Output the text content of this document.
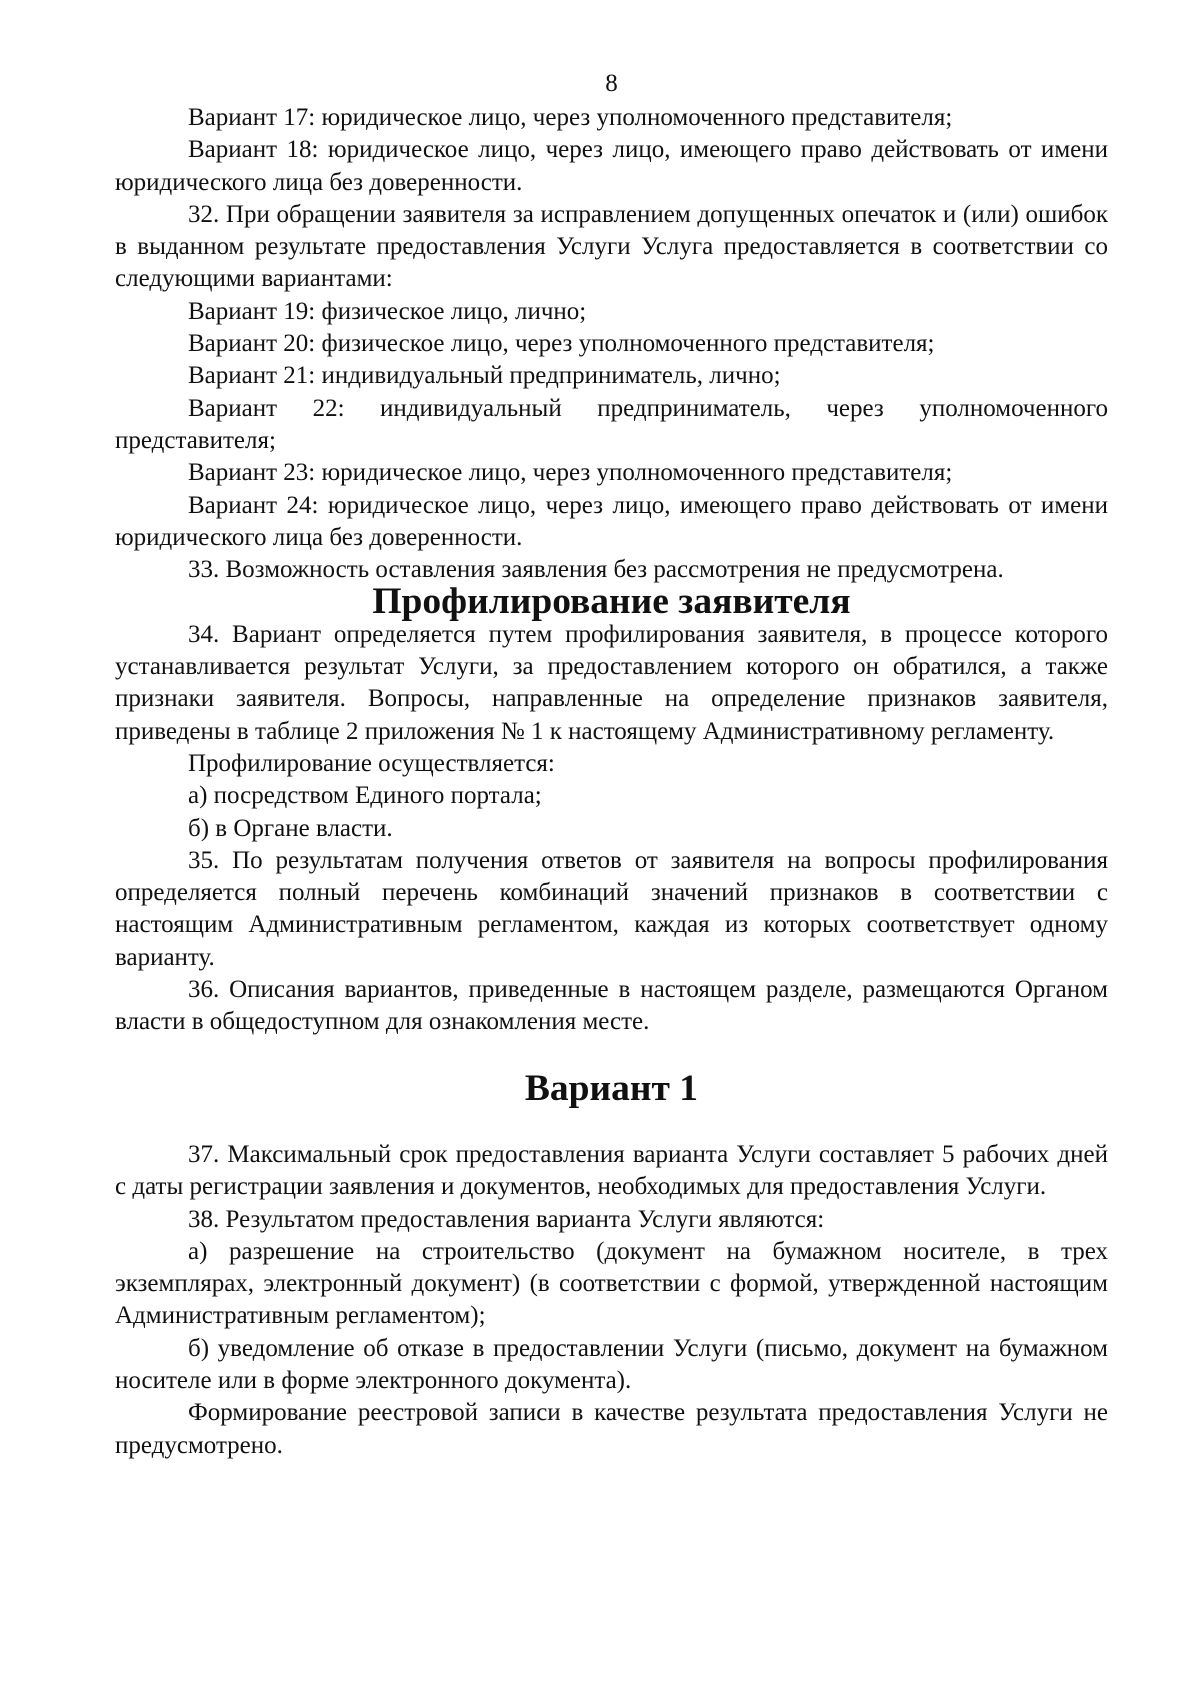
8

Вариант 17: юридическое лицо, через уполномоченного представителя;

Вариант 18: юридическое лицо, через лицо, имеющего право действовать от имени юридического лица без доверенности.

32. При обращении заявителя за исправлением допущенных опечаток и (или) ошибок в выданном результате предоставления Услуги Услуга предоставляется в соответствии со следующими вариантами:

Вариант 19: физическое лицо, лично;

Вариант 20: физическое лицо, через уполномоченного представителя;

Вариант 21: индивидуальный предприниматель, лично;

Вариант 22: индивидуальный предприниматель, через уполномоченного представителя;

Вариант 23: юридическое лицо, через уполномоченного представителя;

Вариант 24: юридическое лицо, через лицо, имеющего право действовать от имени юридического лица без доверенности.

33. Возможность оставления заявления без рассмотрения не предусмотрена.

Профилирование заявителя

34. Вариант определяется путем профилирования заявителя, в процессе которого устанавливается результат Услуги, за предоставлением которого он обратился, а также признаки заявителя. Вопросы, направленные на определение признаков заявителя, приведены в таблице 2 приложения № 1 к настоящему Административному регламенту.

Профилирование осуществляется:

а) посредством Единого портала;

б) в Органе власти.

35. По результатам получения ответов от заявителя на вопросы профилирования определяется полный перечень комбинаций значений признаков в соответствии с настоящим Административным регламентом, каждая из которых соответствует одному варианту.

36. Описания вариантов, приведенные в настоящем разделе, размещаются Органом власти в общедоступном для ознакомления месте.

Вариант 1

37. Максимальный срок предоставления варианта Услуги составляет 5 рабочих дней с даты регистрации заявления и документов, необходимых для предоставления Услуги.

38. Результатом предоставления варианта Услуги являются:

а) разрешение на строительство (документ на бумажном носителе, в трех экземплярах, электронный документ) (в соответствии с формой, утвержденной настоящим Административным регламентом);

б) уведомление об отказе в предоставлении Услуги (письмо, документ на бумажном носителе или в форме электронного документа).

Формирование реестровой записи в качестве результата предоставления Услуги не предусмотрено.
